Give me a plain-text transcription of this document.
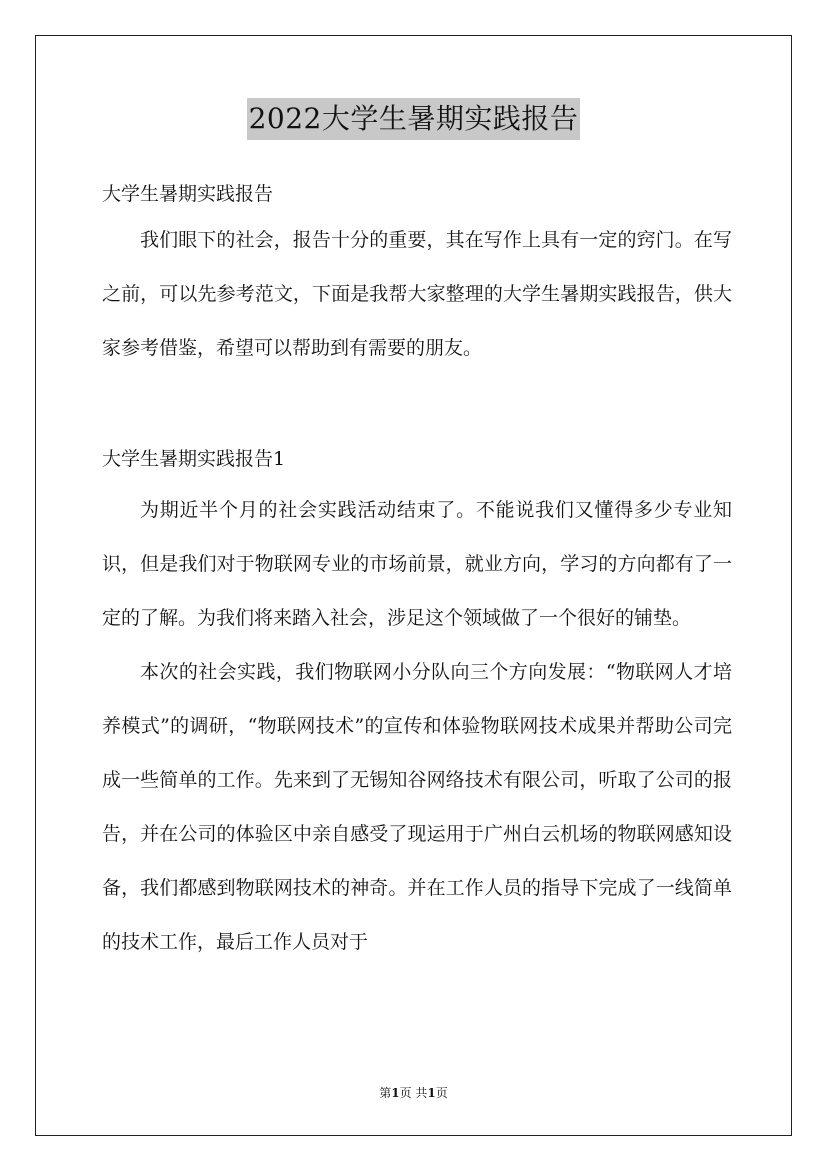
2022大学生暑期实践报告

大学生暑期实践报告

我们眼下的社会，报告十分的重要，其在写作上具有一定的窍门。在写之前，可以先参考范文，下面是我帮大家整理的大学生暑期实践报告，供大家参考借鉴，希望可以帮助到有需要的朋友。

大学生暑期实践报告1

为期近半个月的社会实践活动结束了。不能说我们又懂得多少专业知识，但是我们对于物联网专业的市场前景，就业方向，学习的方向都有了一定的了解。为我们将来踏入社会，涉足这个领域做了一个很好的铺垫。

本次的社会实践，我们物联网小分队向三个方向发展：“物联网人才培养模式”的调研，“物联网技术”的宣传和体验物联网技术成果并帮助公司完成一些简单的工作。先来到了无锡知谷网络技术有限公司，听取了公司的报告，并在公司的体验区中亲自感受了现运用于广州白云机场的物联网感知设备，我们都感到物联网技术的神奇。并在工作人员的指导下完成了一线简单的技术工作，最后工作人员对于

第1页 共1页
